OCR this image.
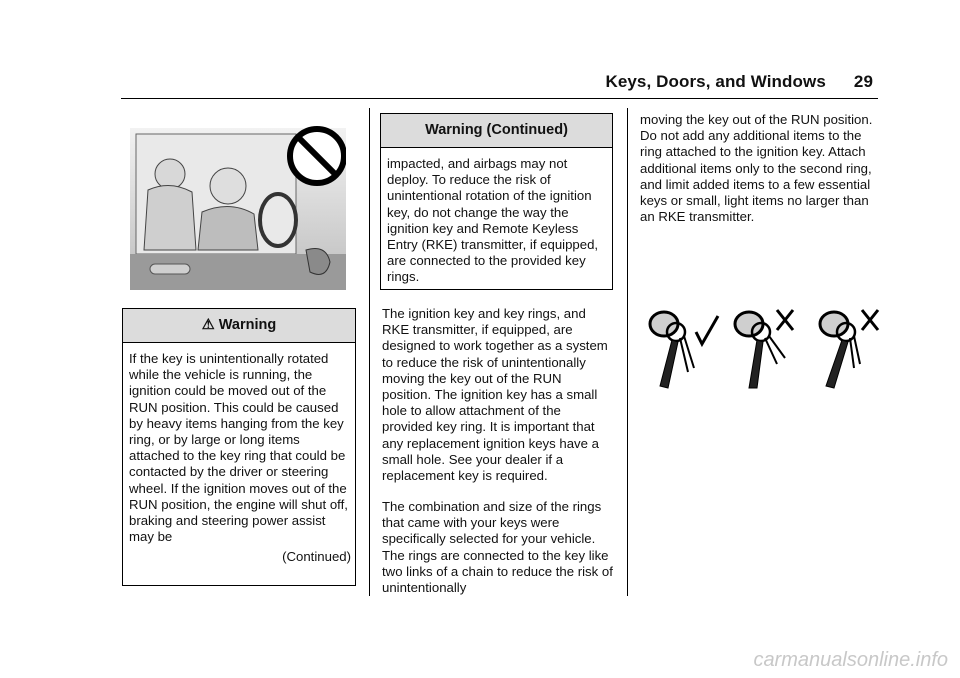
Keys, Doors, and Windows 29
⚠ Warning
If the key is unintentionally rotated while the vehicle is running, the ignition could be moved out of the RUN position. This could be caused by heavy items hanging from the key ring, or by large or long items attached to the key ring that could be contacted by the driver or steering wheel. If the ignition moves out of the RUN position, the engine will shut off, braking and steering power assist may be
(Continued)
Warning (Continued)
impacted, and airbags may not deploy. To reduce the risk of unintentional rotation of the ignition key, do not change the way the ignition key and Remote Keyless Entry (RKE) transmitter, if equipped, are connected to the provided key rings.

The ignition key and key rings, and RKE transmitter, if equipped, are designed to work together as a system to reduce the risk of unintentionally moving the key out of the RUN position. The ignition key has a small hole to allow attachment of the provided key ring. It is important that any replacement ignition keys have a small hole. See your dealer if a replacement key is required.

The combination and size of the rings that came with your keys were specifically selected for your vehicle. The rings are connected to the key like two links of a chain to reduce the risk of unintentionally

moving the key out of the RUN position. Do not add any additional items to the ring attached to the ignition key. Attach additional items only to the second ring, and limit added items to a few essential keys or small, light items no larger than an RKE transmitter.

carmanualsonline.info
